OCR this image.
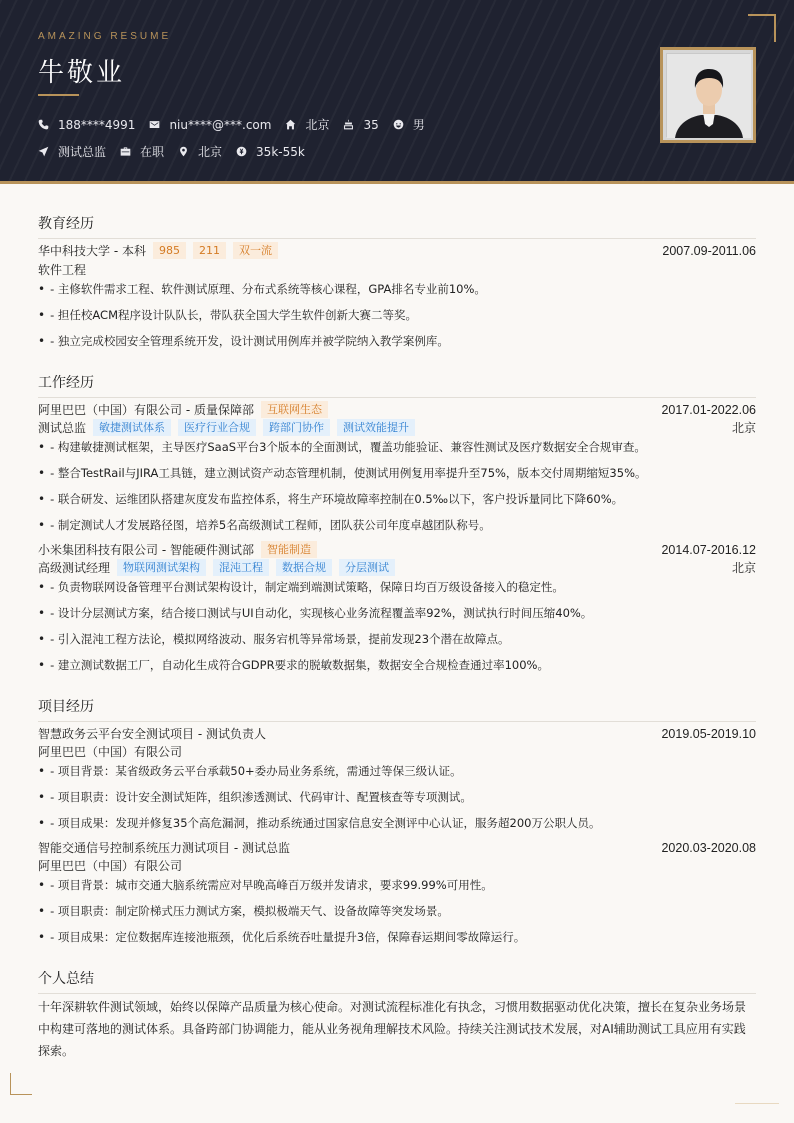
AMAZING RESUME
牛敬业
188****4991	niu****@***.com	北京	35	男
测试总监	在职	北京	35k-55k
教育经历
华中科技大学 - 本科	985	211	双一流	2007.09-2011.06
软件工程
• - 主修软件需求工程、软件测试原理、分布式系统等核心课程，GPA排名专业前10%。
• - 担任校ACM程序设计队队长，带队获全国大学生软件创新大赛二等奖。
• - 独立完成校园安全管理系统开发，设计测试用例库并被学院纳入教学案例库。
工作经历
阿里巴巴（中国）有限公司 - 质量保障部	互联网生态	2017.01-2022.06
测试总监	敏捷测试体系	医疗行业合规	跨部门协作	测试效能提升	北京
• - 构建敏捷测试框架，主导医疗SaaS平台3个版本的全面测试，覆盖功能验证、兼容性测试及医疗数据安全合规审查。
• - 整合TestRail与JIRA工具链，建立测试资产动态管理机制，使测试用例复用率提升至75%，版本交付周期缩短35%。
• - 联合研发、运维团队搭建灰度发布监控体系，将生产环境故障率控制在0.5‰以下，客户投诉量同比下降60%。
• - 制定测试人才发展路径图，培养5名高级测试工程师，团队获公司年度卓越团队称号。
小米集团科技有限公司 - 智能硬件测试部	智能制造	2014.07-2016.12
高级测试经理	物联网测试架构	混沌工程	数据合规	分层测试	北京
• - 负责物联网设备管理平台测试架构设计，制定端到端测试策略，保障日均百万级设备接入的稳定性。
• - 设计分层测试方案，结合接口测试与UI自动化，实现核心业务流程覆盖率92%，测试执行时间压缩40%。
• - 引入混沌工程方法论，模拟网络波动、服务宕机等异常场景，提前发现23个潜在故障点。
• - 建立测试数据工厂，自动化生成符合GDPR要求的脱敏数据集，数据安全合规检查通过率100%。
项目经历
智慧政务云平台安全测试项目 - 测试负责人	2019.05-2019.10
阿里巴巴（中国）有限公司
• - 项目背景：某省级政务云平台承载50+委办局业务系统，需通过等保三级认证。
• - 项目职责：设计安全测试矩阵，组织渗透测试、代码审计、配置核查等专项测试。
• - 项目成果：发现并修复35个高危漏洞，推动系统通过国家信息安全测评中心认证，服务超200万公职人员。
智能交通信号控制系统压力测试项目 - 测试总监	2020.03-2020.08
阿里巴巴（中国）有限公司
• - 项目背景：城市交通大脑系统需应对早晚高峰百万级并发请求，要求99.99%可用性。
• - 项目职责：制定阶梯式压力测试方案，模拟极端天气、设备故障等突发场景。
• - 项目成果：定位数据库连接池瓶颈，优化后系统吞吐量提升3倍，保障春运期间零故障运行。
个人总结
十年深耕软件测试领域，始终以保障产品质量为核心使命。对测试流程标准化有执念，习惯用数据驱动优化决策，擅长在复杂业务场景中构建可落地的测试体系。具备跨部门协调能力，能从业务视角理解技术风险。持续关注测试技术发展，对AI辅助测试工具应用有实践探索。
